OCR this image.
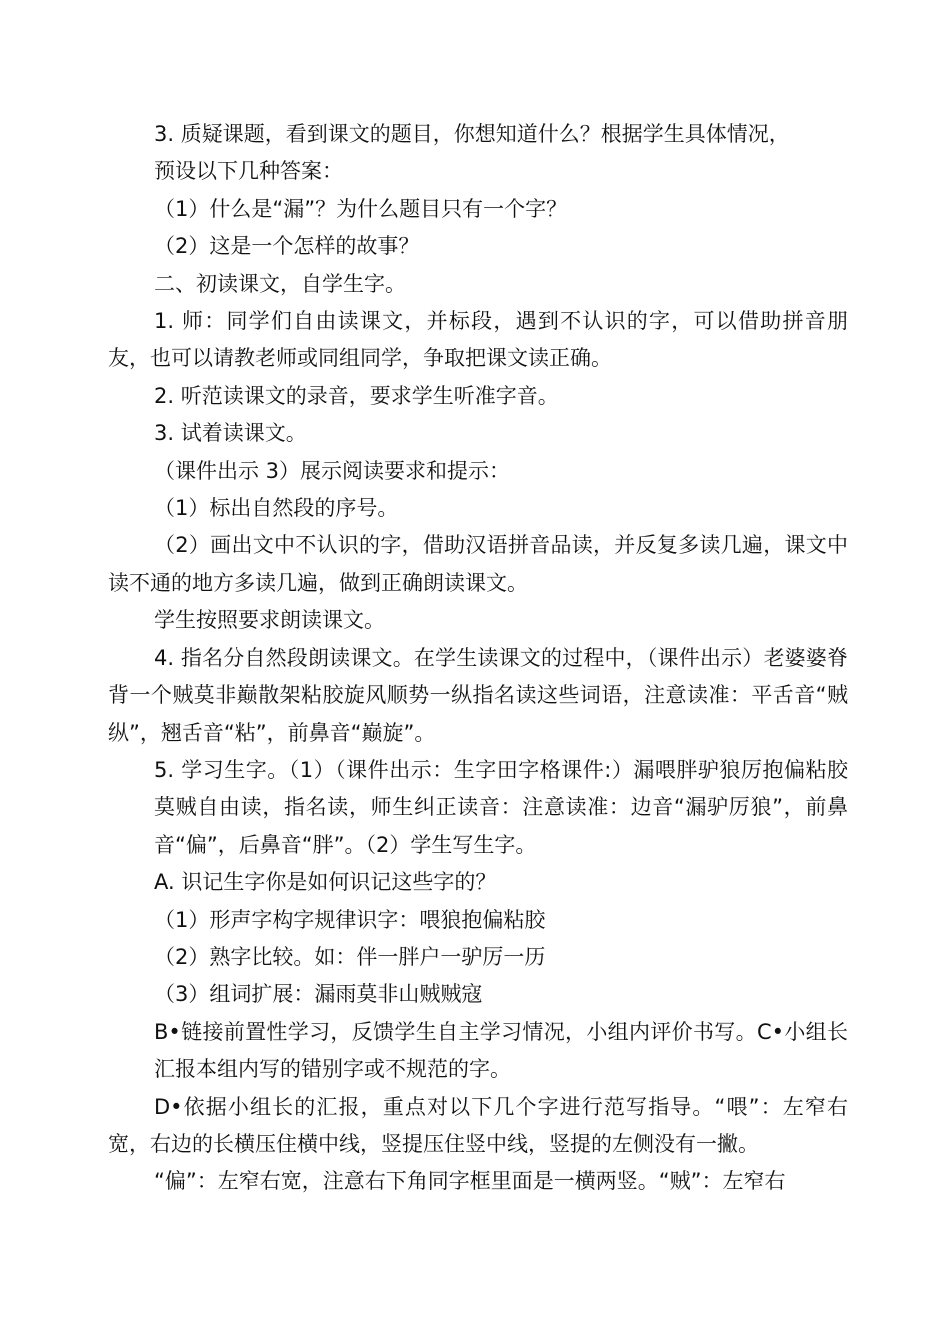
3. 质疑课题，看到课文的题目，你想知道什么？根据学生具体情况，

预设以下几种答案：

（1）什么是“漏”？为什么题目只有一个字？

（2）这是一个怎样的故事？

二、初读课文，自学生字。

1. 师：同学们自由读课文，并标段，遇到不认识的字，可以借助拼音朋友，也可以请教老师或同组同学，争取把课文读正确。

2. 听范读课文的录音，要求学生听准字音。

3. 试着读课文。

（课件出示 3）展示阅读要求和提示：

（1）标出自然段的序号。

（2）画出文中不认识的字，借助汉语拼音品读，并反复多读几遍，课文中读不通的地方多读几遍，做到正确朗读课文。

学生按照要求朗读课文。

4. 指名分自然段朗读课文。在学生读课文的过程中，（课件出示）老婆婆脊背一个贼莫非巅散架粘胶旋风顺势一纵指名读这些词语，注意读准：平舌音“贼纵”，翘舌音“粘”，前鼻音“巅旋”。

5. 学习生字。（1）（课件出示：生字田字格课件:）漏喂胖驴狼厉抱偏粘胶莫贼自由读，指名读，师生纠正读音：注意读准：边音“漏驴厉狼”，前鼻音“偏”，后鼻音“胖”。（2）学生写生字。

A. 识记生字你是如何识记这些字的？

（1）形声字构字规律识字：喂狼抱偏粘胶

（2）熟字比较。如：伴一胖户一驴厉一历

（3）组词扩展：漏雨莫非山贼贼寇

B•链接前置性学习，反馈学生自主学习情况，小组内评价书写。C•小组长汇报本组内写的错别字或不规范的字。

D•依据小组长的汇报，重点对以下几个字进行范写指导。“喂”：左窄右宽，右边的长横压住横中线，竖提压住竖中线，竖提的左侧没有一撇。

“偏”：左窄右宽，注意右下角同字框里面是一横两竖。“贼”：左窄右
